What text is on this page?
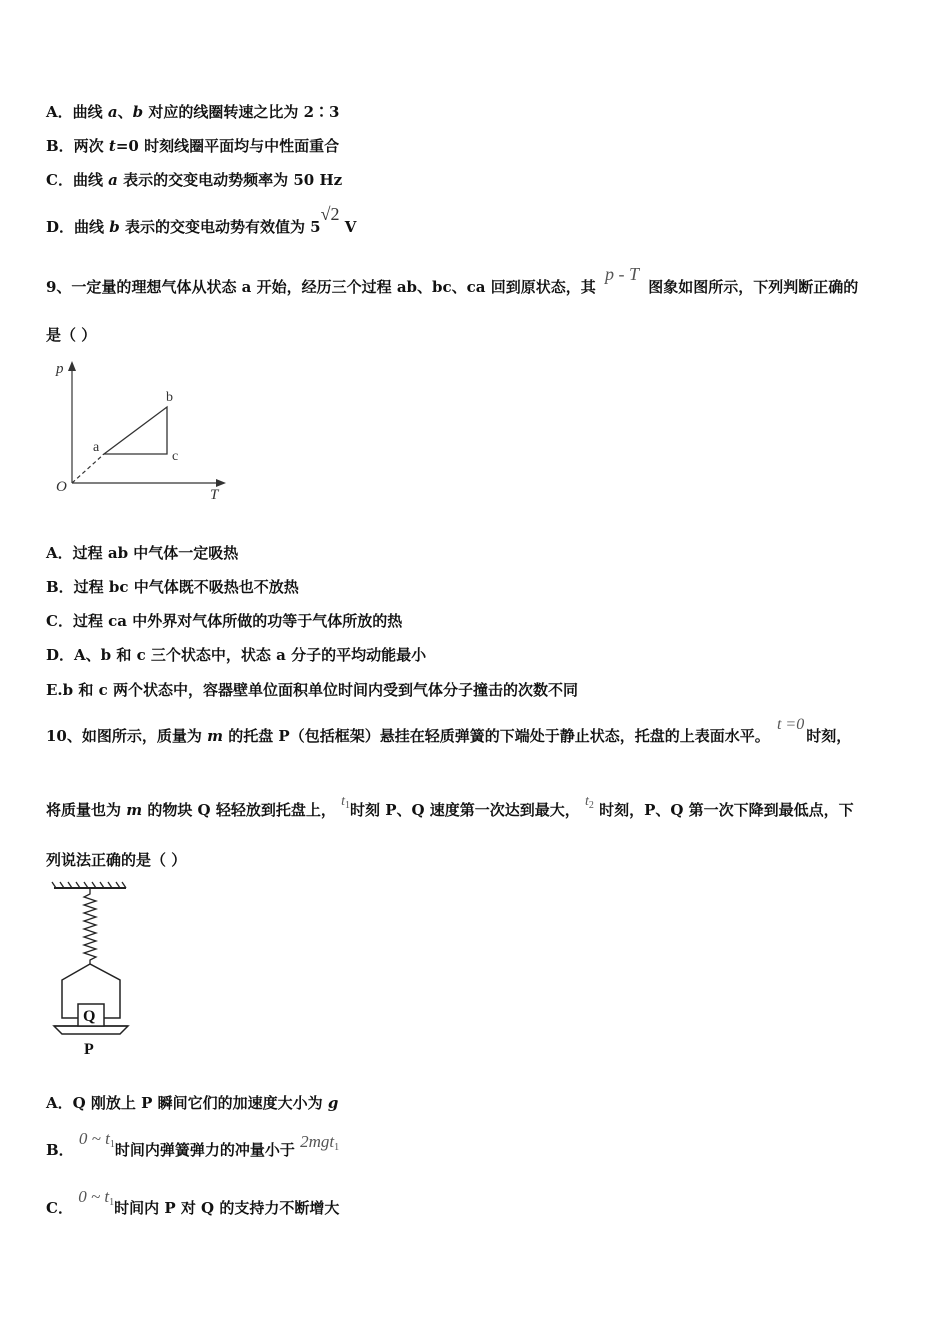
A．曲线 a、b 对应的线圈转速之比为 2∶3
B．两次 t=0 时刻线圈平面均与中性面重合
C．曲线 a 表示的交变电动势频率为 50 Hz
D．曲线 b 表示的交变电动势有效值为 5√2 V
9、一定量的理想气体从状态 a 开始，经历三个过程 ab、bc、ca 回到原状态，其 p - T 图象如图所示，下列判断正确的
是（ ）
p
T
O
a
b
c
A．过程 ab 中气体一定吸热
B．过程 bc 中气体既不吸热也不放热
C．过程 ca 中外界对气体所做的功等于气体所放的热
D．A、b 和 c 三个状态中，状态 a 分子的平均动能最小
E.b 和 c 两个状态中，容器壁单位面积单位时间内受到气体分子撞击的次数不同
10、如图所示，质量为 m 的托盘 P（包括框架）悬挂在轻质弹簧的下端处于静止状态，托盘的上表面水平。 t =0时刻，
将质量也为 m 的物块 Q 轻轻放到托盘上， $t_1$时刻 P、Q 速度第一次达到最大， $t_2$ 时刻，P、Q 第一次下降到最低点，下
列说法正确的是（ ）
Q
P
A．Q 刚放上 P 瞬间它们的加速度大小为 g
B． 0 ~ $t_1$时间内弹簧弹力的冲量小于 2mgt$_1$
C． 0 ~ $t_1$时间内 P 对 Q 的支持力不断增大
